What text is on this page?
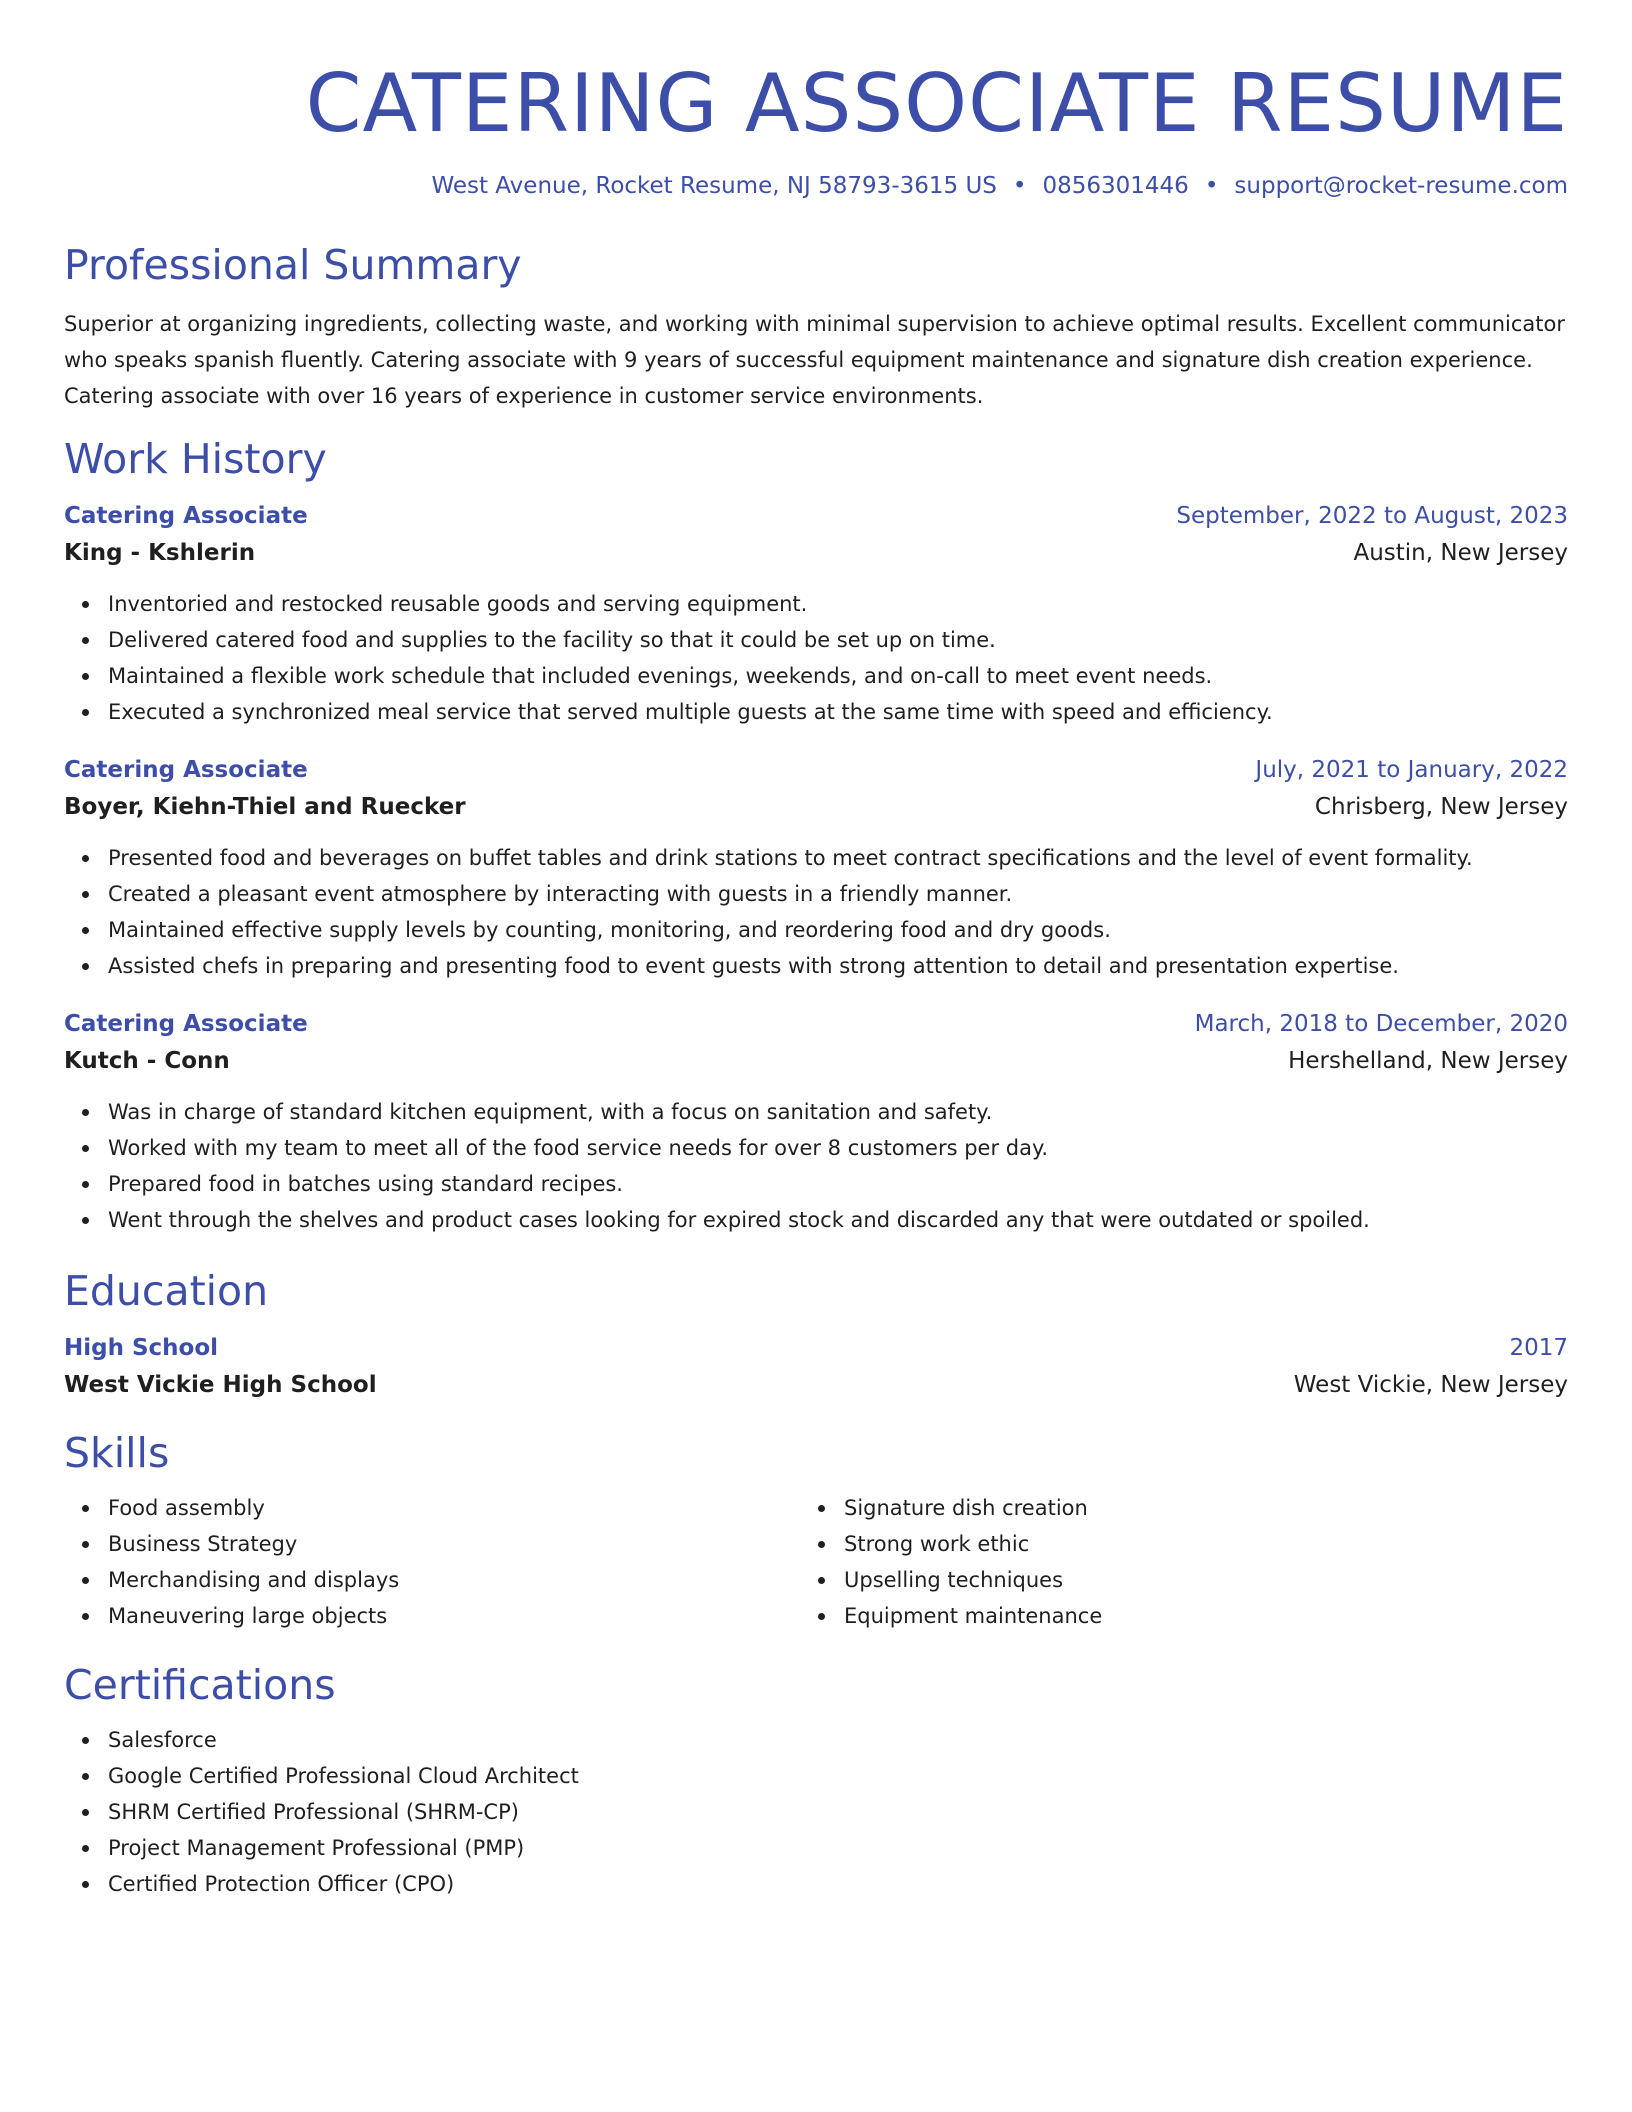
CATERING ASSOCIATE RESUME
West Avenue, Rocket Resume, NJ 58793-3615 US • 0856301446 • support@rocket-resume.com
Professional Summary

Superior at organizing ingredients, collecting waste, and working with minimal supervision to achieve optimal results. Excellent communicator who speaks spanish fluently. Catering associate with 9 years of successful equipment maintenance and signature dish creation experience. Catering associate with over 16 years of experience in customer service environments.

Work History
Catering Associate	September, 2022 to August, 2023
King - Kshlerin	Austin, New Jersey
Inventoried and restocked reusable goods and serving equipment.
Delivered catered food and supplies to the facility so that it could be set up on time.
Maintained a flexible work schedule that included evenings, weekends, and on-call to meet event needs.
Executed a synchronized meal service that served multiple guests at the same time with speed and efficiency.
Catering Associate	July, 2021 to January, 2022
Boyer, Kiehn-Thiel and Ruecker	Chrisberg, New Jersey
Presented food and beverages on buffet tables and drink stations to meet contract specifications and the level of event formality.
Created a pleasant event atmosphere by interacting with guests in a friendly manner.
Maintained effective supply levels by counting, monitoring, and reordering food and dry goods.
Assisted chefs in preparing and presenting food to event guests with strong attention to detail and presentation expertise.
Catering Associate	March, 2018 to December, 2020
Kutch - Conn	Hershelland, New Jersey
Was in charge of standard kitchen equipment, with a focus on sanitation and safety.
Worked with my team to meet all of the food service needs for over 8 customers per day.
Prepared food in batches using standard recipes.
Went through the shelves and product cases looking for expired stock and discarded any that were outdated or spoiled.
Education
High School	2017
West Vickie High School	West Vickie, New Jersey
Skills
Food assembly
Business Strategy
Merchandising and displays
Maneuvering large objects
Signature dish creation
Strong work ethic
Upselling techniques
Equipment maintenance
Certifications
Salesforce
Google Certified Professional Cloud Architect
SHRM Certified Professional (SHRM-CP)
Project Management Professional (PMP)
Certified Protection Officer (CPO)
